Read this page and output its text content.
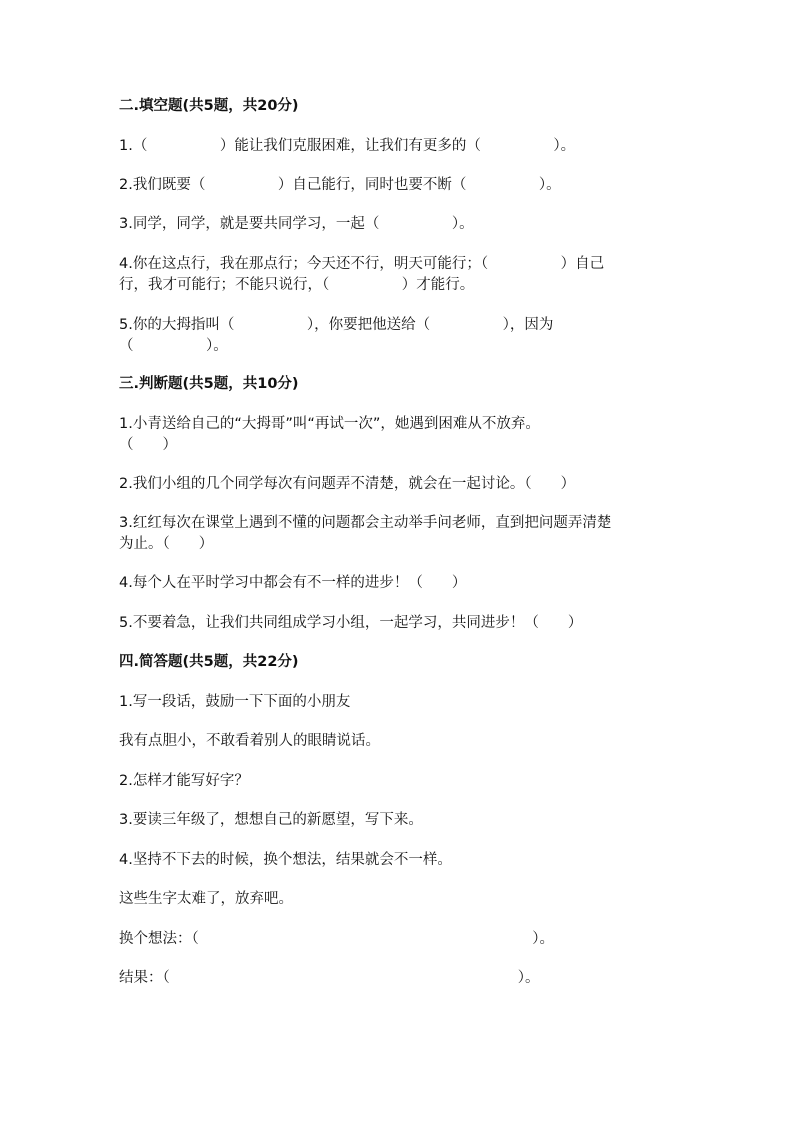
二.填空题(共5题，共20分)

1.（　　　　　）能让我们克服困难，让我们有更多的（　　　　　）。

2.我们既要（　　　　　）自己能行，同时也要不断（　　　　　）。

3.同学，同学，就是要共同学习，一起（　　　　　）。

4.你在这点行，我在那点行；今天还不行，明天可能行；（　　　　　）自己

行，我才可能行；不能只说行，（　　　　　）才能行。

5.你的大拇指叫（　　　　　），你要把他送给（　　　　　），因为

（　　　　　）。

三.判断题(共5题，共10分)

1.小青送给自己的“大拇哥”叫“再试一次”，她遇到困难从不放弃。

（　　）

2.我们小组的几个同学每次有问题弄不清楚，就会在一起讨论。（　　）

3.红红每次在课堂上遇到不懂的问题都会主动举手问老师，直到把问题弄清楚

为止。（　　）

4.每个人在平时学习中都会有不一样的进步！（　　）

5.不要着急，让我们共同组成学习小组，一起学习，共同进步！（　　）

四.简答题(共5题，共22分)

1.写一段话，鼓励一下下面的小朋友

我有点胆小，不敢看着别人的眼睛说话。

2.怎样才能写好字？

3.要读三年级了，想想自己的新愿望，写下来。

4.坚持不下去的时候，换个想法，结果就会不一样。

这些生字太难了，放弃吧。

换个想法：（　　　　　　　　　　　　　　　　　　　　　　　）。

结果：（　　　　　　　　　　　　　　　　　　　　　　　　）。
